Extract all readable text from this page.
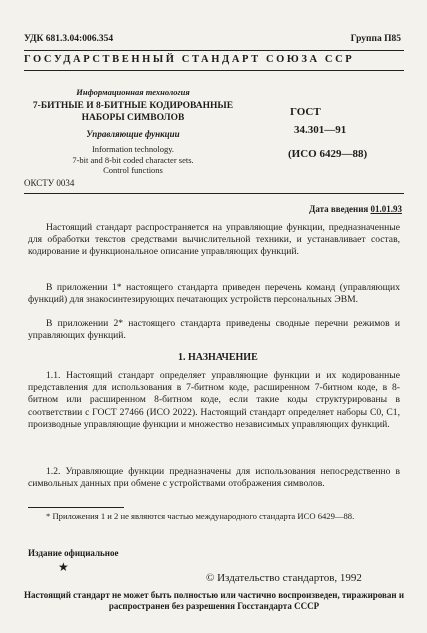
УДК 681.3.04:006.354	Группа П85
ГОСУДАРСТВЕННЫЙ СТАНДАРТ СОЮЗА ССР
Информационная технология
7-БИТНЫЕ И 8-БИТНЫЕ КОДИРОВАННЫЕ
НАБОРЫ СИМВОЛОВ
Управляющие функции
Information technology.
7-bit and 8-bit coded character sets.
Control functions
ГОСТ
34.301—91
(ИСО 6429—88)
ОКСТУ 0034
Дата введения 01.01.93
Настоящий стандарт распространяется на управляющие функции, предназначенные для обработки текстов средствами вычислительной техники, и устанавливает состав, кодирование и функциональное описание управляющих функций.
В приложении 1* настоящего стандарта приведен перечень команд (управляющих функций) для знакосинтезирующих печатающих устройств персональных ЭВМ.
В приложении 2* настоящего стандарта приведены сводные перечни режимов и управляющих функций.
1. НАЗНАЧЕНИЕ
1.1. Настоящий стандарт определяет управляющие функции и их кодированные представления для использования в 7-битном коде, расширенном 7-битном коде, в 8-битном или расширенном 8-битном коде, если такие коды структурированы в соответствии с ГОСТ 27466 (ИСО 2022). Настоящий стандарт определяет наборы С0, С1, производные управляющие функции и множество независимых управляющих функций.
1.2. Управляющие функции предназначены для использования непосредственно в символьных данных при обмене с устройствами отображения символов.
* Приложения 1 и 2 не являются частью международного стандарта ИСО 6429—88.
Издание официальное
★
© Издательство стандартов, 1992
Настоящий стандарт не может быть полностью или частично воспроизведен, тиражирован и распространен без разрешения Госстандарта СССР
